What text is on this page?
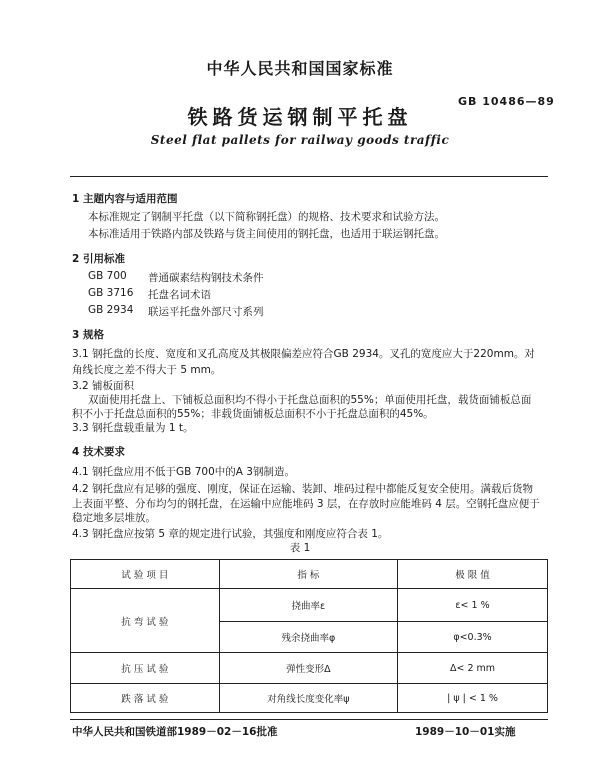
中华人民共和国国家标准
GB 10486—89
铁路货运钢制平托盘
Steel flat pallets for railway goods traffic
1 主题内容与适用范围
本标准规定了钢制平托盘（以下简称钢托盘）的规格、技术要求和试验方法。
本标准适用于铁路内部及铁路与货主间使用的钢托盘，也适用于联运钢托盘。
2 引用标准
GB 700	普通碳素结构钢技术条件
GB 3716	托盘名词术语
GB 2934	联运平托盘外部尺寸系列
3 规格
3.1 钢托盘的长度、宽度和叉孔高度及其极限偏差应符合GB 2934。叉孔的宽度应大于220mm。对
角线长度之差不得大于 5 mm。
3.2 铺板面积
双面使用托盘上、下铺板总面积均不得小于托盘总面积的55%；单面使用托盘，载货面铺板总面
积不小于托盘总面积的55%；非载货面铺板总面积不小于托盘总面积的45%。
3.3 钢托盘载重量为 1 t。
4 技术要求
4.1 钢托盘应用不低于GB 700中的A 3钢制造。
4.2 钢托盘应有足够的强度、刚度，保证在运输、装卸、堆码过程中都能反复安全使用。满载后货物
上表面平整、分布均匀的钢托盘，在运输中应能堆码 3 层，在存放时应能堆码 4 层。空钢托盘应便于
稳定地多层堆放。
4.3 钢托盘应按第 5 章的规定进行试验，其强度和刚度应符合表 1。
表 1
试 验 项 目	指 标	极 限 值
抗 弯 试 验	挠曲率ε	ε< 1 %
	残余挠曲率φ	φ<0.3%
抗 压 试 验	弹性变形Δ	Δ< 2 mm
跌 落 试 验	对角线长度变化率ψ	| ψ | < 1 %
中华人民共和国铁道部1989－02－16批准	1989－10－01实施
